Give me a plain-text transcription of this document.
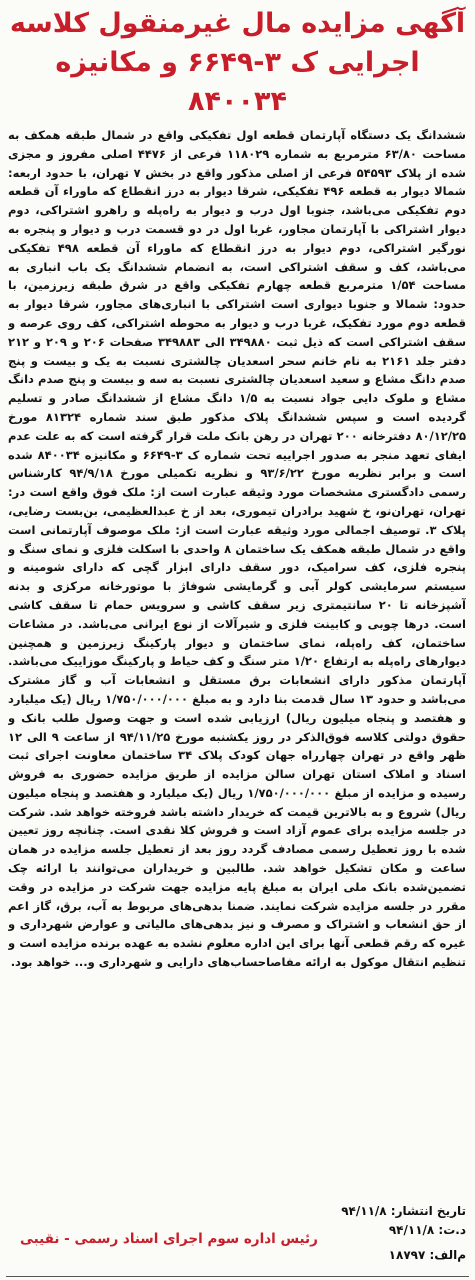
آگهی مزایده مال غیرمنقول کلاسه
اجرایی ک ۳-۶۶۴۹ و مکانیزه
۸۴۰۰۳۴

ششدانگ یک دستگاه آپارتمان قطعه اول تفکیکی واقع در شمال طبقه همکف به مساحت ۶۳/۸۰ مترمربع به شماره ۱۱۸۰۲۹ فرعی از ۴۴۷۶ اصلی مفروز و مجزی شده از پلاک ۵۴۵۹۳ فرعی از اصلی مذکور واقع در بخش ۷ تهران، با حدود اربعه: شمالا دیوار به قطعه ۴۹۶ تفکیکی، شرقا دیوار به درز انقطاع که ماوراء آن قطعه دوم تفکیکی می‌باشد، جنوبا اول درب و دیوار به راه‌پله و راهرو اشتراکی، دوم دیوار اشتراکی با آپارتمان مجاور، غربا اول در دو قسمت درب و دیوار و پنجره به نورگیر اشتراکی، دوم دیوار به درز انقطاع که ماوراء آن قطعه ۴۹۸ تفکیکی می‌باشد، کف و سقف اشتراکی است، به انضمام ششدانگ یک باب انباری به مساحت ۱/۵۴ مترمربع قطعه چهارم تفکیکی واقع در شرق طبقه زیرزمین، با حدود: شمالا و جنوبا دیواری است اشتراکی با انباری‌های مجاور، شرقا دیوار به قطعه دوم مورد تفکیک، غربا درب و دیوار به محوطه اشتراکی، کف روی عرصه و سقف اشتراکی است که ذیل ثبت ۳۴۹۸۸۰ الی ۳۴۹۸۸۳ صفحات ۲۰۶ و ۲۰۹ و ۲۱۲ دفتر جلد ۲۱۶۱ به نام خانم سحر اسعدیان چالشتری نسبت به یک و بیست و پنج صدم دانگ مشاع و سعید اسعدیان چالشتری نسبت به سه و بیست و پنج صدم دانگ مشاع و ملوک دایی جواد نسبت به ۱/۵ دانگ مشاع از ششدانگ صادر و تسلیم گردیده است و سپس ششدانگ پلاک مذکور طبق سند شماره ۸۱۳۲۴ مورخ ۸۰/۱۲/۲۵ دفترخانه ۲۰۰ تهران در رهن بانک ملت قرار گرفته است که به علت عدم ایفای تعهد منجر به صدور اجراییه تحت شماره ک ۳-۶۶۴۹ و مکانیزه ۸۴۰۰۳۴ شده است و برابر نظریه مورخ ۹۳/۶/۲۲ و نظریه تکمیلی مورخ ۹۴/۹/۱۸ کارشناس رسمی دادگستری مشخصات مورد وثیقه عبارت است از: ملک فوق واقع است در: تهران، تهران‌نو، خ شهید برادران تیموری، بعد از خ عبدالعظیمی، بن‌بست رضایی، پلاک ۳. توصیف اجمالی مورد وثیقه عبارت است از: ملک موصوف آپارتمانی است واقع در شمال طبقه همکف یک ساختمان ۸ واحدی با اسکلت فلزی و نمای سنگ و پنجره فلزی، کف سرامیک، دور سقف دارای ابزار گچی که دارای شومینه و سیستم سرمایشی کولر آبی و گرمایشی شوفاژ با موتورخانه مرکزی و بدنه آشپزخانه تا ۲۰ سانتیمتری زیر سقف کاشی و سرویس حمام تا سقف کاشی است. درها چوبی و کابینت فلزی و شیرآلات از نوع ایرانی می‌باشد. در مشاعات ساختمان، کف راه‌پله، نمای ساختمان و دیوار پارکینگ زیرزمین و همچنین دیوارهای راه‌پله به ارتفاع ۱/۲۰ متر سنگ و کف حیاط و پارکینگ موزاییک می‌باشد. آپارتمان مذکور دارای انشعابات برق مستقل و انشعابات آب و گاز مشترک می‌باشد و حدود ۱۳ سال قدمت بنا دارد و به مبلغ ۱/۷۵۰/۰۰۰/۰۰۰ ریال (یک میلیارد و هفتصد و پنجاه میلیون ریال) ارزیابی شده است و جهت وصول طلب بانک و حقوق دولتی کلاسه فوق‌الذکر در روز یکشنبه مورخ ۹۴/۱۱/۲۵ از ساعت ۹ الی ۱۲ ظهر واقع در تهران چهارراه جهان کودک پلاک ۳۴ ساختمان معاونت اجرای ثبت اسناد و املاک استان تهران سالن مزایده از طریق مزایده حضوری به فروش رسیده و مزایده از مبلغ ۱/۷۵۰/۰۰۰/۰۰۰ ریال (یک میلیارد و هفتصد و پنجاه میلیون ریال) شروع و به بالاترین قیمت که خریدار داشته باشد فروخته خواهد شد. شرکت در جلسه مزایده برای عموم آزاد است و فروش کلا نقدی است. چنانچه روز تعیین شده با روز تعطیل رسمی مصادف گردد روز بعد از تعطیل جلسه مزایده در همان ساعت و مکان تشکیل خواهد شد. طالبین و خریداران می‌توانند با ارائه چک تضمین‌شده بانک ملی ایران به مبلغ پایه مزایده جهت شرکت در مزایده در وقت مقرر در جلسه مزایده شرکت نمایند. ضمنا بدهی‌های مربوط به آب، برق، گاز اعم از حق انشعاب و اشتراک و مصرف و نیز بدهی‌های مالیاتی و عوارض شهرداری و غیره که رقم قطعی آنها برای این اداره معلوم نشده به عهده برنده مزایده است و تنظیم انتقال موکول به ارائه مفاصاحساب‌های دارایی و شهرداری و... خواهد بود.

تاریخ انتشار: ۹۴/۱۱/۸
د.ت: ۹۴/۱۱/۸
م‌الف: ۱۸۷۹۷
رئیس اداره سوم اجرای اسناد رسمی - نقیبی
